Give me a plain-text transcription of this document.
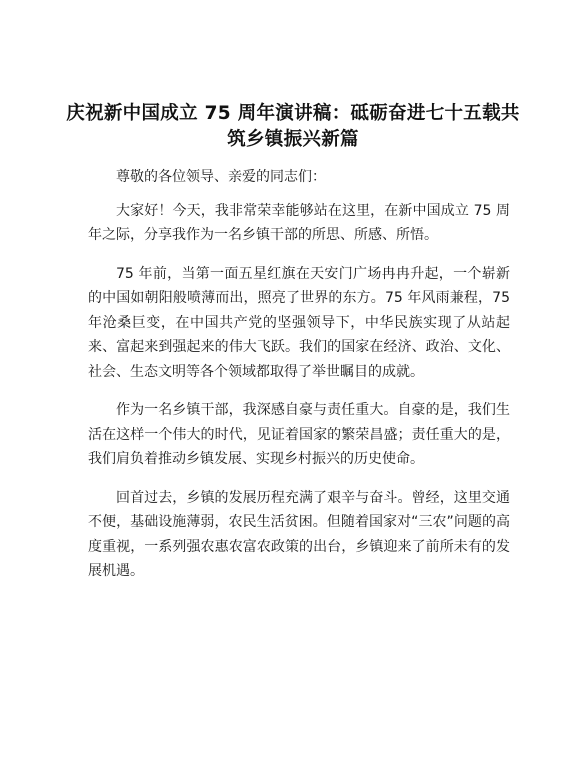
庆祝新中国成立 75 周年演讲稿：砥砺奋进七十五载共筑乡镇振兴新篇

尊敬的各位领导、亲爱的同志们：

大家好！今天，我非常荣幸能够站在这里，在新中国成立 75 周年之际，分享我作为一名乡镇干部的所思、所感、所悟。

75 年前，当第一面五星红旗在天安门广场冉冉升起，一个崭新的中国如朝阳般喷薄而出，照亮了世界的东方。75 年风雨兼程，75 年沧桑巨变，在中国共产党的坚强领导下，中华民族实现了从站起来、富起来到强起来的伟大飞跃。我们的国家在经济、政治、文化、社会、生态文明等各个领域都取得了举世瞩目的成就。

作为一名乡镇干部，我深感自豪与责任重大。自豪的是，我们生活在这样一个伟大的时代，见证着国家的繁荣昌盛；责任重大的是，我们肩负着推动乡镇发展、实现乡村振兴的历史使命。

回首过去，乡镇的发展历程充满了艰辛与奋斗。曾经，这里交通不便，基础设施薄弱，农民生活贫困。但随着国家对“三农”问题的高度重视，一系列强农惠农富农政策的出台，乡镇迎来了前所未有的发展机遇。
